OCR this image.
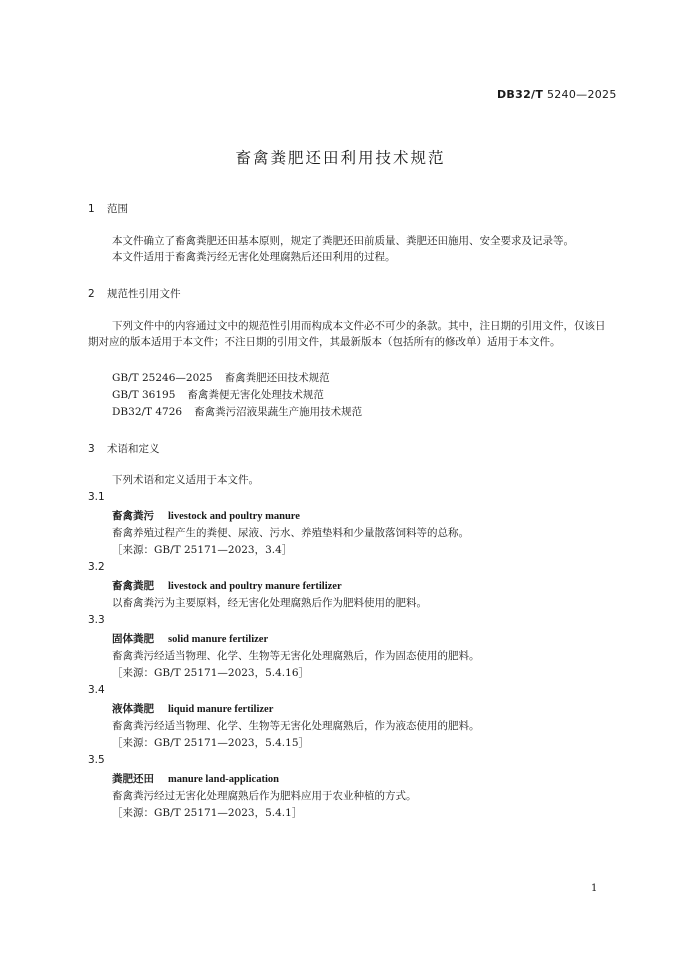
DB32/T 5240—2025
畜禽粪肥还田利用技术规范
1 范围
本文件确立了畜禽粪肥还田基本原则，规定了粪肥还田前质量、粪肥还田施用、安全要求及记录等。
本文件适用于畜禽粪污经无害化处理腐熟后还田利用的过程。
2 规范性引用文件
下列文件中的内容通过文中的规范性引用而构成本文件必不可少的条款。其中，注日期的引用文件，仅该日期对应的版本适用于本文件；不注日期的引用文件，其最新版本（包括所有的修改单）适用于本文件。
GB/T 25246—2025 畜禽粪肥还田技术规范
GB/T 36195 畜禽粪便无害化处理技术规范
DB32/T 4726 畜禽粪污沼液果蔬生产施用技术规范
3 术语和定义
下列术语和定义适用于本文件。
3.1
畜禽粪污 livestock and poultry manure
畜禽养殖过程产生的粪便、尿液、污水、养殖垫料和少量散落饲料等的总称。
［来源：GB/T 25171—2023，3.4］
3.2
畜禽粪肥 livestock and poultry manure fertilizer
以畜禽粪污为主要原料，经无害化处理腐熟后作为肥料使用的肥料。
3.3
固体粪肥 solid manure fertilizer
畜禽粪污经适当物理、化学、生物等无害化处理腐熟后，作为固态使用的肥料。
［来源：GB/T 25171—2023，5.4.16］
3.4
液体粪肥 liquid manure fertilizer
畜禽粪污经适当物理、化学、生物等无害化处理腐熟后，作为液态使用的肥料。
［来源：GB/T 25171—2023，5.4.15］
3.5
粪肥还田 manure land-application
畜禽粪污经过无害化处理腐熟后作为肥料应用于农业种植的方式。
［来源：GB/T 25171—2023，5.4.1］
1
